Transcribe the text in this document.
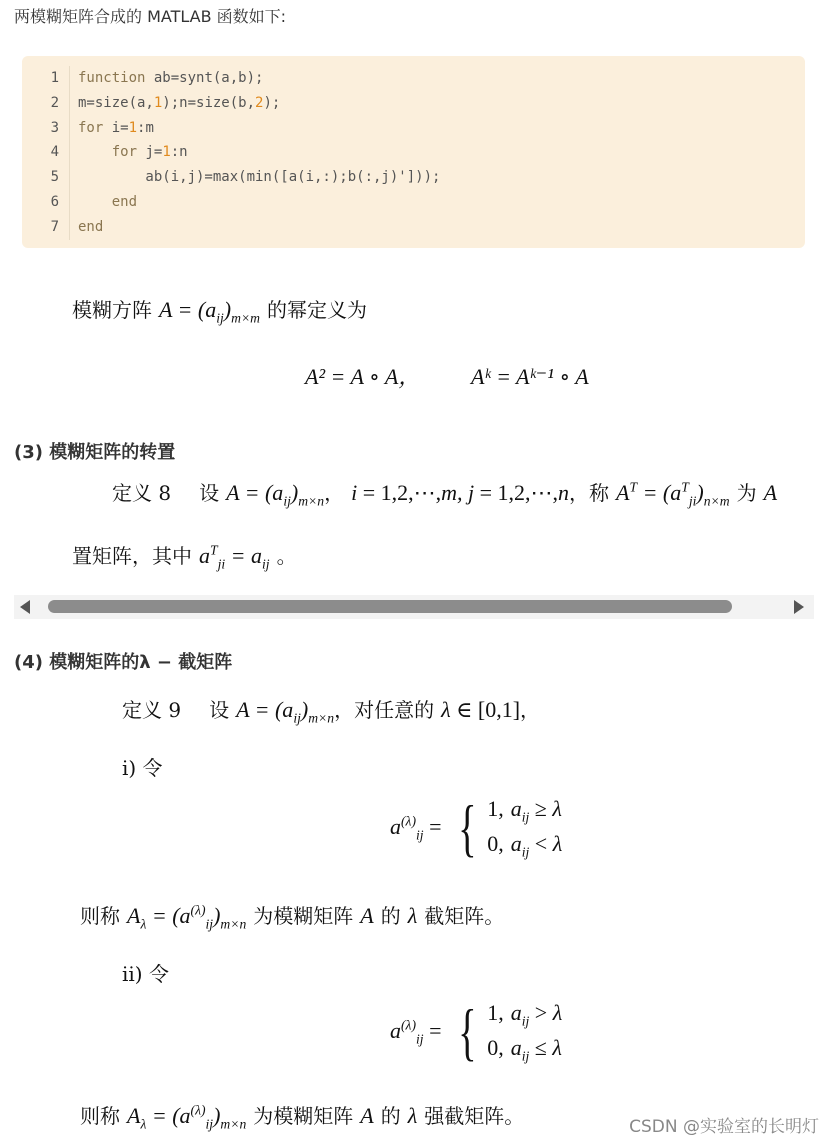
两模糊矩阵合成的 MATLAB 函数如下:
1	function ab=synt(a,b);
2	m=size(a,1);n=size(b,2);
3	for i=1:m
4	for j=1:n
5	ab(i,j)=max(min([a(i,:);b(:,j)']));
6	end
7	end
模糊方阵 $A = (a_{ij})_{m\times m}$ 的幂定义为
A² = A ∘ A， Aᵏ = Aᵏ⁻¹ ∘ A
(3) 模糊矩阵的转置
定义 8 设 $A = (a_{ij})_{m\times n}$， i = 1,2,⋯,m, j = 1,2,⋯,n，称 $A^T = (a^T_{ji})_{n\times m}$ 为 A
置矩阵，其中 $a^T_{ji} = a_{ij}$ 。
(4) 模糊矩阵的λ − 截矩阵
定义 9 设 $A = (a_{ij})_{m\times n}$，对任意的 λ ∈ [0,1]，
i) 令
$a^{(\lambda)}_{ij}$ = { 1, $a_{ij} \ge \lambda$
0, $a_{ij} < \lambda$
则称 $A_\lambda = (a^{(\lambda)}_{ij})_{m\times n}$ 为模糊矩阵 A 的 λ 截矩阵。
ii) 令
$a^{(\lambda)}_{ij}$ = { 1, $a_{ij} > \lambda$
0, $a_{ij} \le \lambda$
则称 $A_\lambda = (a^{(\lambda)}_{ij})_{m\times n}$ 为模糊矩阵 A 的 λ 强截矩阵。	CSDN @实验室的长明灯
